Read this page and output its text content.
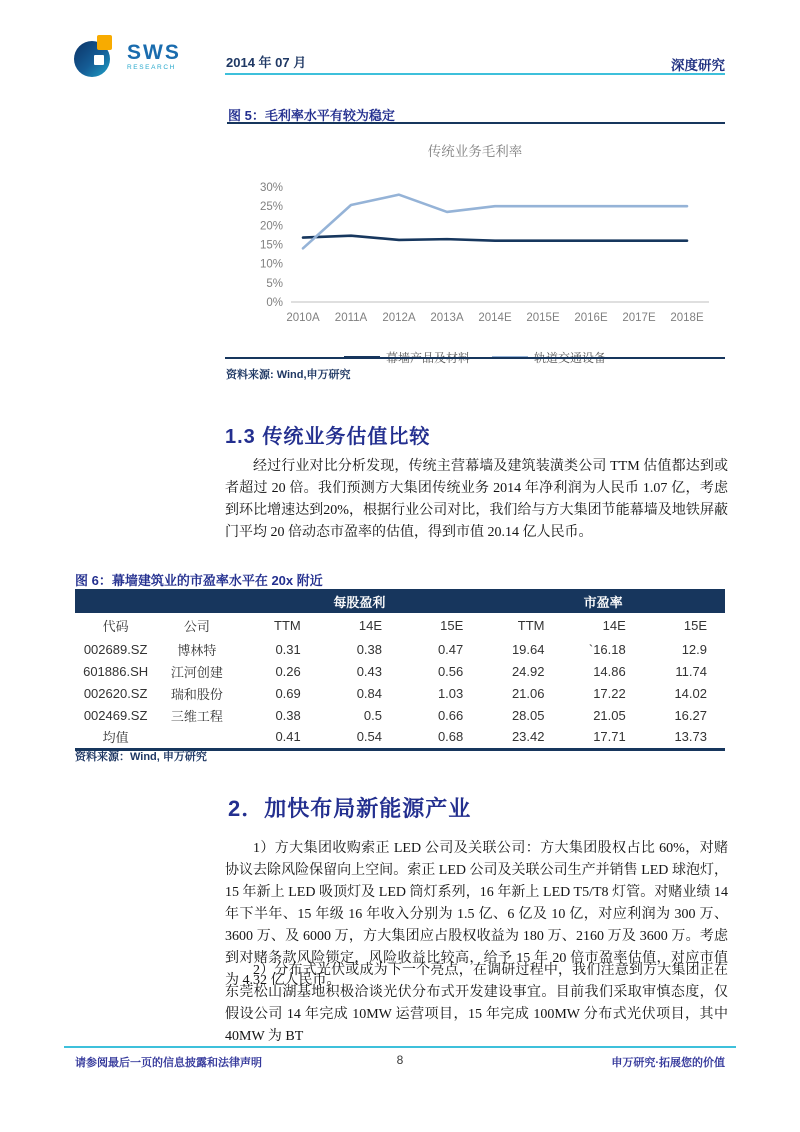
SWS
RESEARCH	2014 年 07 月	深度研究
图 5：毛利率水平有较为稳定
传统业务毛利率
0%
5%
10%
15%
20%
25%
30%
2010A 2011A 2012A 2013A 2014E 2015E 2016E 2017E 2018E
幕墙产品及材料	轨道交通设备
资料来源: Wind,申万研究
1.3 传统业务估值比较

经过行业对比分析发现，传统主营幕墙及建筑装潢类公司 TTM 估值都达到或者超过 20 倍。我们预测方大集团传统业务 2014 年净利润为人民币 1.07 亿，考虑到环比增速达到20%，根据行业公司对比，我们给与方大集团节能幕墙及地铁屏蔽门平均 20 倍动态市盈率的估值，得到市值 20.14 亿人民币。

图 6：幕墙建筑业的市盈率水平在 20x 附近
		每股盈利			市盈率		
代码	公司	TTM	14E	15E	TTM	14E	15E
002689.SZ	博林特	0.31	0.38	0.47	19.64	`16.18	12.9
601886.SH	江河创建	0.26	0.43	0.56	24.92	14.86	11.74
002620.SZ	瑞和股份	0.69	0.84	1.03	21.06	17.22	14.02
002469.SZ	三维工程	0.38	0.5	0.66	28.05	21.05	16.27
均值		0.41	0.54	0.68	23.42	17.71	13.73
资料来源：Wind, 申万研究
2．加快布局新能源产业

1）方大集团收购索正 LED 公司及关联公司：方大集团股权占比 60%，对赌协议去除风险保留向上空间。索正 LED 公司及关联公司生产并销售 LED 球泡灯，15 年新上 LED 吸顶灯及 LED 筒灯系列，16 年新上 LED T5/T8 灯管。对赌业绩 14 年下半年、15 年级 16 年收入分别为 1.5 亿、6 亿及 10 亿，对应利润为 300 万、3600 万、及 6000 万，方大集团应占股权收益为 180 万、2160 万及 3600 万。考虑到对赌条款风险锁定，风险收益比较高，给予 15 年 20 倍市盈率估值，对应市值为 4.32 亿人民币。

2）分布式光伏或成为下一个亮点，在调研过程中，我们注意到方大集团正在东莞松山湖基地积极洽谈光伏分布式开发建设事宜。目前我们采取审慎态度，仅假设公司 14 年完成 10MW 运营项目，15 年完成 100MW 分布式光伏项目，其中 40MW 为 BT

请参阅最后一页的信息披露和法律声明	8	申万研究·拓展您的价值
